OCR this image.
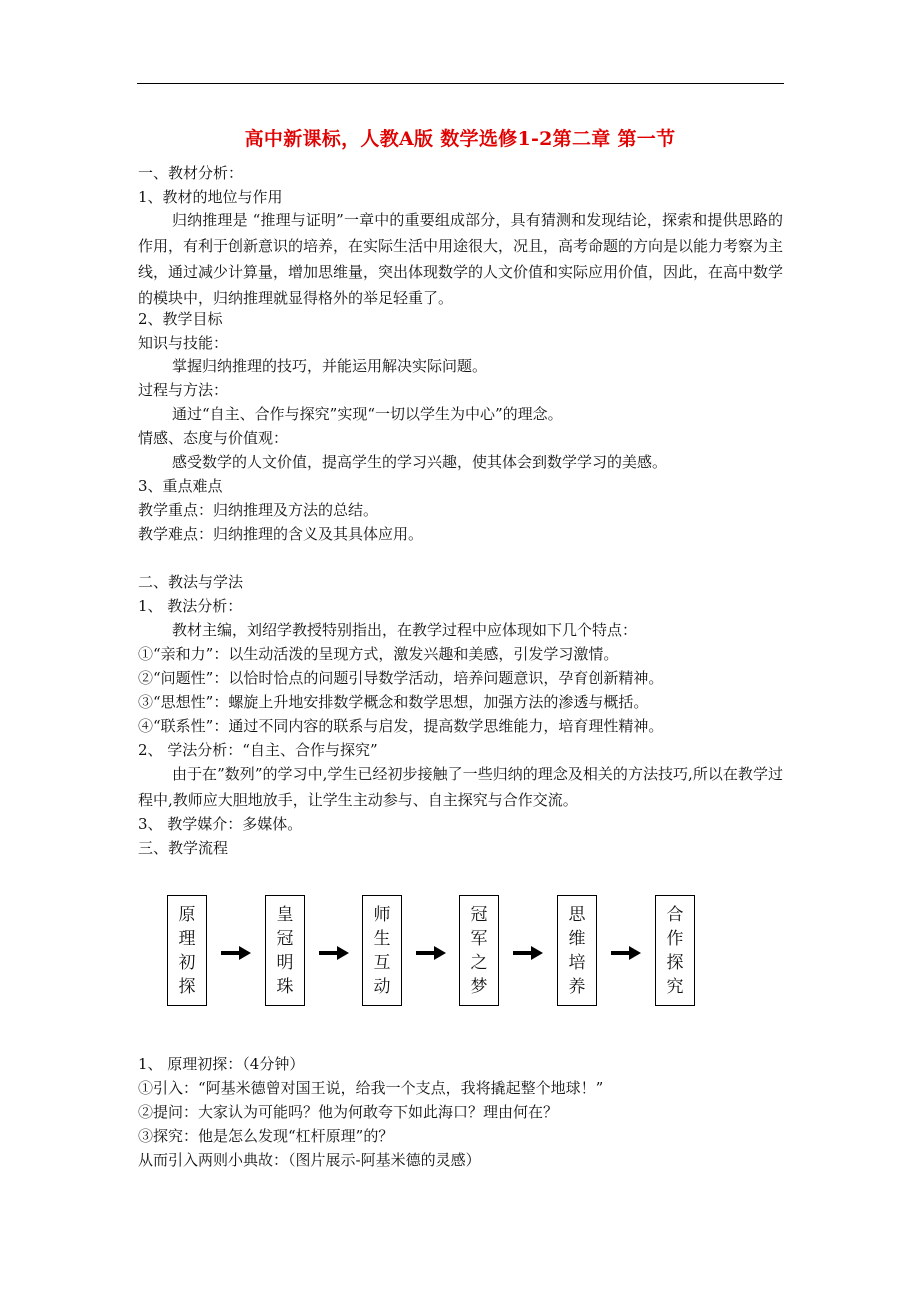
高中新课标，人教A版 数学选修1-2第二章 第一节
一、教材分析：
1、教材的地位与作用

归纳推理是 “推理与证明”一章中的重要组成部分，具有猜测和发现结论，探索和提供思路的作用，有利于创新意识的培养，在实际生活中用途很大，况且，高考命题的方向是以能力考察为主线，通过减少计算量，增加思维量，突出体现数学的人文价值和实际应用价值，因此，在高中数学的模块中，归纳推理就显得格外的举足轻重了。

2、教学目标
知识与技能：
掌握归纳推理的技巧，并能运用解决实际问题。
过程与方法：
通过“自主、合作与探究”实现“一切以学生为中心”的理念。
情感、态度与价值观：
感受数学的人文价值，提高学生的学习兴趣，使其体会到数学学习的美感。
3、重点难点
教学重点：归纳推理及方法的总结。
教学难点：归纳推理的含义及其具体应用。
二、教法与学法
1、 教法分析：
教材主编，刘绍学教授特别指出，在教学过程中应体现如下几个特点：
①“亲和力”：以生动活泼的呈现方式，激发兴趣和美感，引发学习激情。
②“问题性”：以恰时恰点的问题引导数学活动，培养问题意识，孕育创新精神。
③“思想性”：螺旋上升地安排数学概念和数学思想，加强方法的渗透与概括。
④“联系性”：通过不同内容的联系与启发，提高数学思维能力，培育理性精神。
2、 学法分析：“自主、合作与探究”

由于在”数列”的学习中,学生已经初步接触了一些归纳的理念及相关的方法技巧,所以在教学过程中,教师应大胆地放手，让学生主动参与、自主探究与合作交流。

3、 教学媒介：多媒体。
三、教学流程
原
理
初
探
皇
冠
明
珠
师
生
互
动
冠
军
之
梦
思
维
培
养
合
作
探
究
1、 原理初探：（4分钟）
①引入：“阿基米德曾对国王说，给我一个支点，我将撬起整个地球！”
②提问：大家认为可能吗？他为何敢夸下如此海口？理由何在？
③探究：他是怎么发现“杠杆原理”的？
从而引入两则小典故：（图片展示-阿基米德的灵感）
